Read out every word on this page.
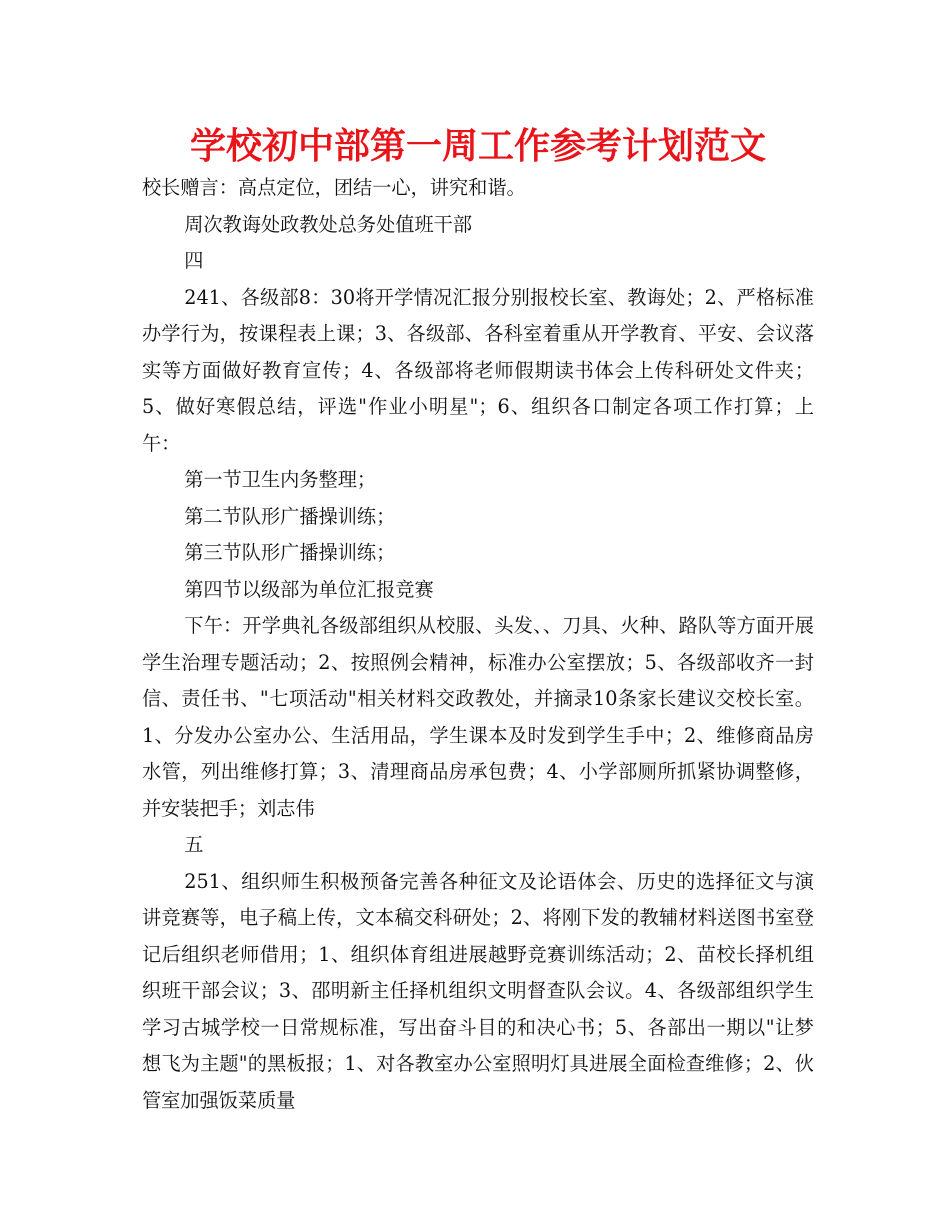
学校初中部第一周工作参考计划范文

校长赠言：高点定位，团结一心，讲究和谐。

周次教诲处政教处总务处值班干部

四

241、各级部8：30将开学情况汇报分别报校长室、教诲处；2、严格标准办学行为，按课程表上课；3、各级部、各科室着重从开学教育、平安、会议落实等方面做好教育宣传；4、各级部将老师假期读书体会上传科研处文件夹；5、做好寒假总结，评选"作业小明星"；6、组织各口制定各项工作打算；上午：

第一节卫生内务整理；

第二节队形广播操训练；

第三节队形广播操训练；

第四节以级部为单位汇报竞赛

下午：开学典礼各级部组织从校服、头发、、刀具、火种、路队等方面开展学生治理专题活动；2、按照例会精神，标准办公室摆放；5、各级部收齐一封信、责任书、"七项活动"相关材料交政教处，并摘录10条家长建议交校长室。1、分发办公室办公、生活用品，学生课本及时发到学生手中；2、维修商品房水管，列出维修打算；3、清理商品房承包费；4、小学部厕所抓紧协调整修，并安装把手；刘志伟

五

251、组织师生积极预备完善各种征文及论语体会、历史的选择征文与演讲竞赛等，电子稿上传，文本稿交科研处；2、将刚下发的教辅材料送图书室登记后组织老师借用；1、组织体育组进展越野竞赛训练活动；2、苗校长择机组织班干部会议；3、邵明新主任择机组织文明督查队会议。4、各级部组织学生学习古城学校一日常规标准，写出奋斗目的和决心书；5、各部出一期以"让梦想飞为主题"的黑板报；1、对各教室办公室照明灯具进展全面检查维修；2、伙管室加强饭菜质量
